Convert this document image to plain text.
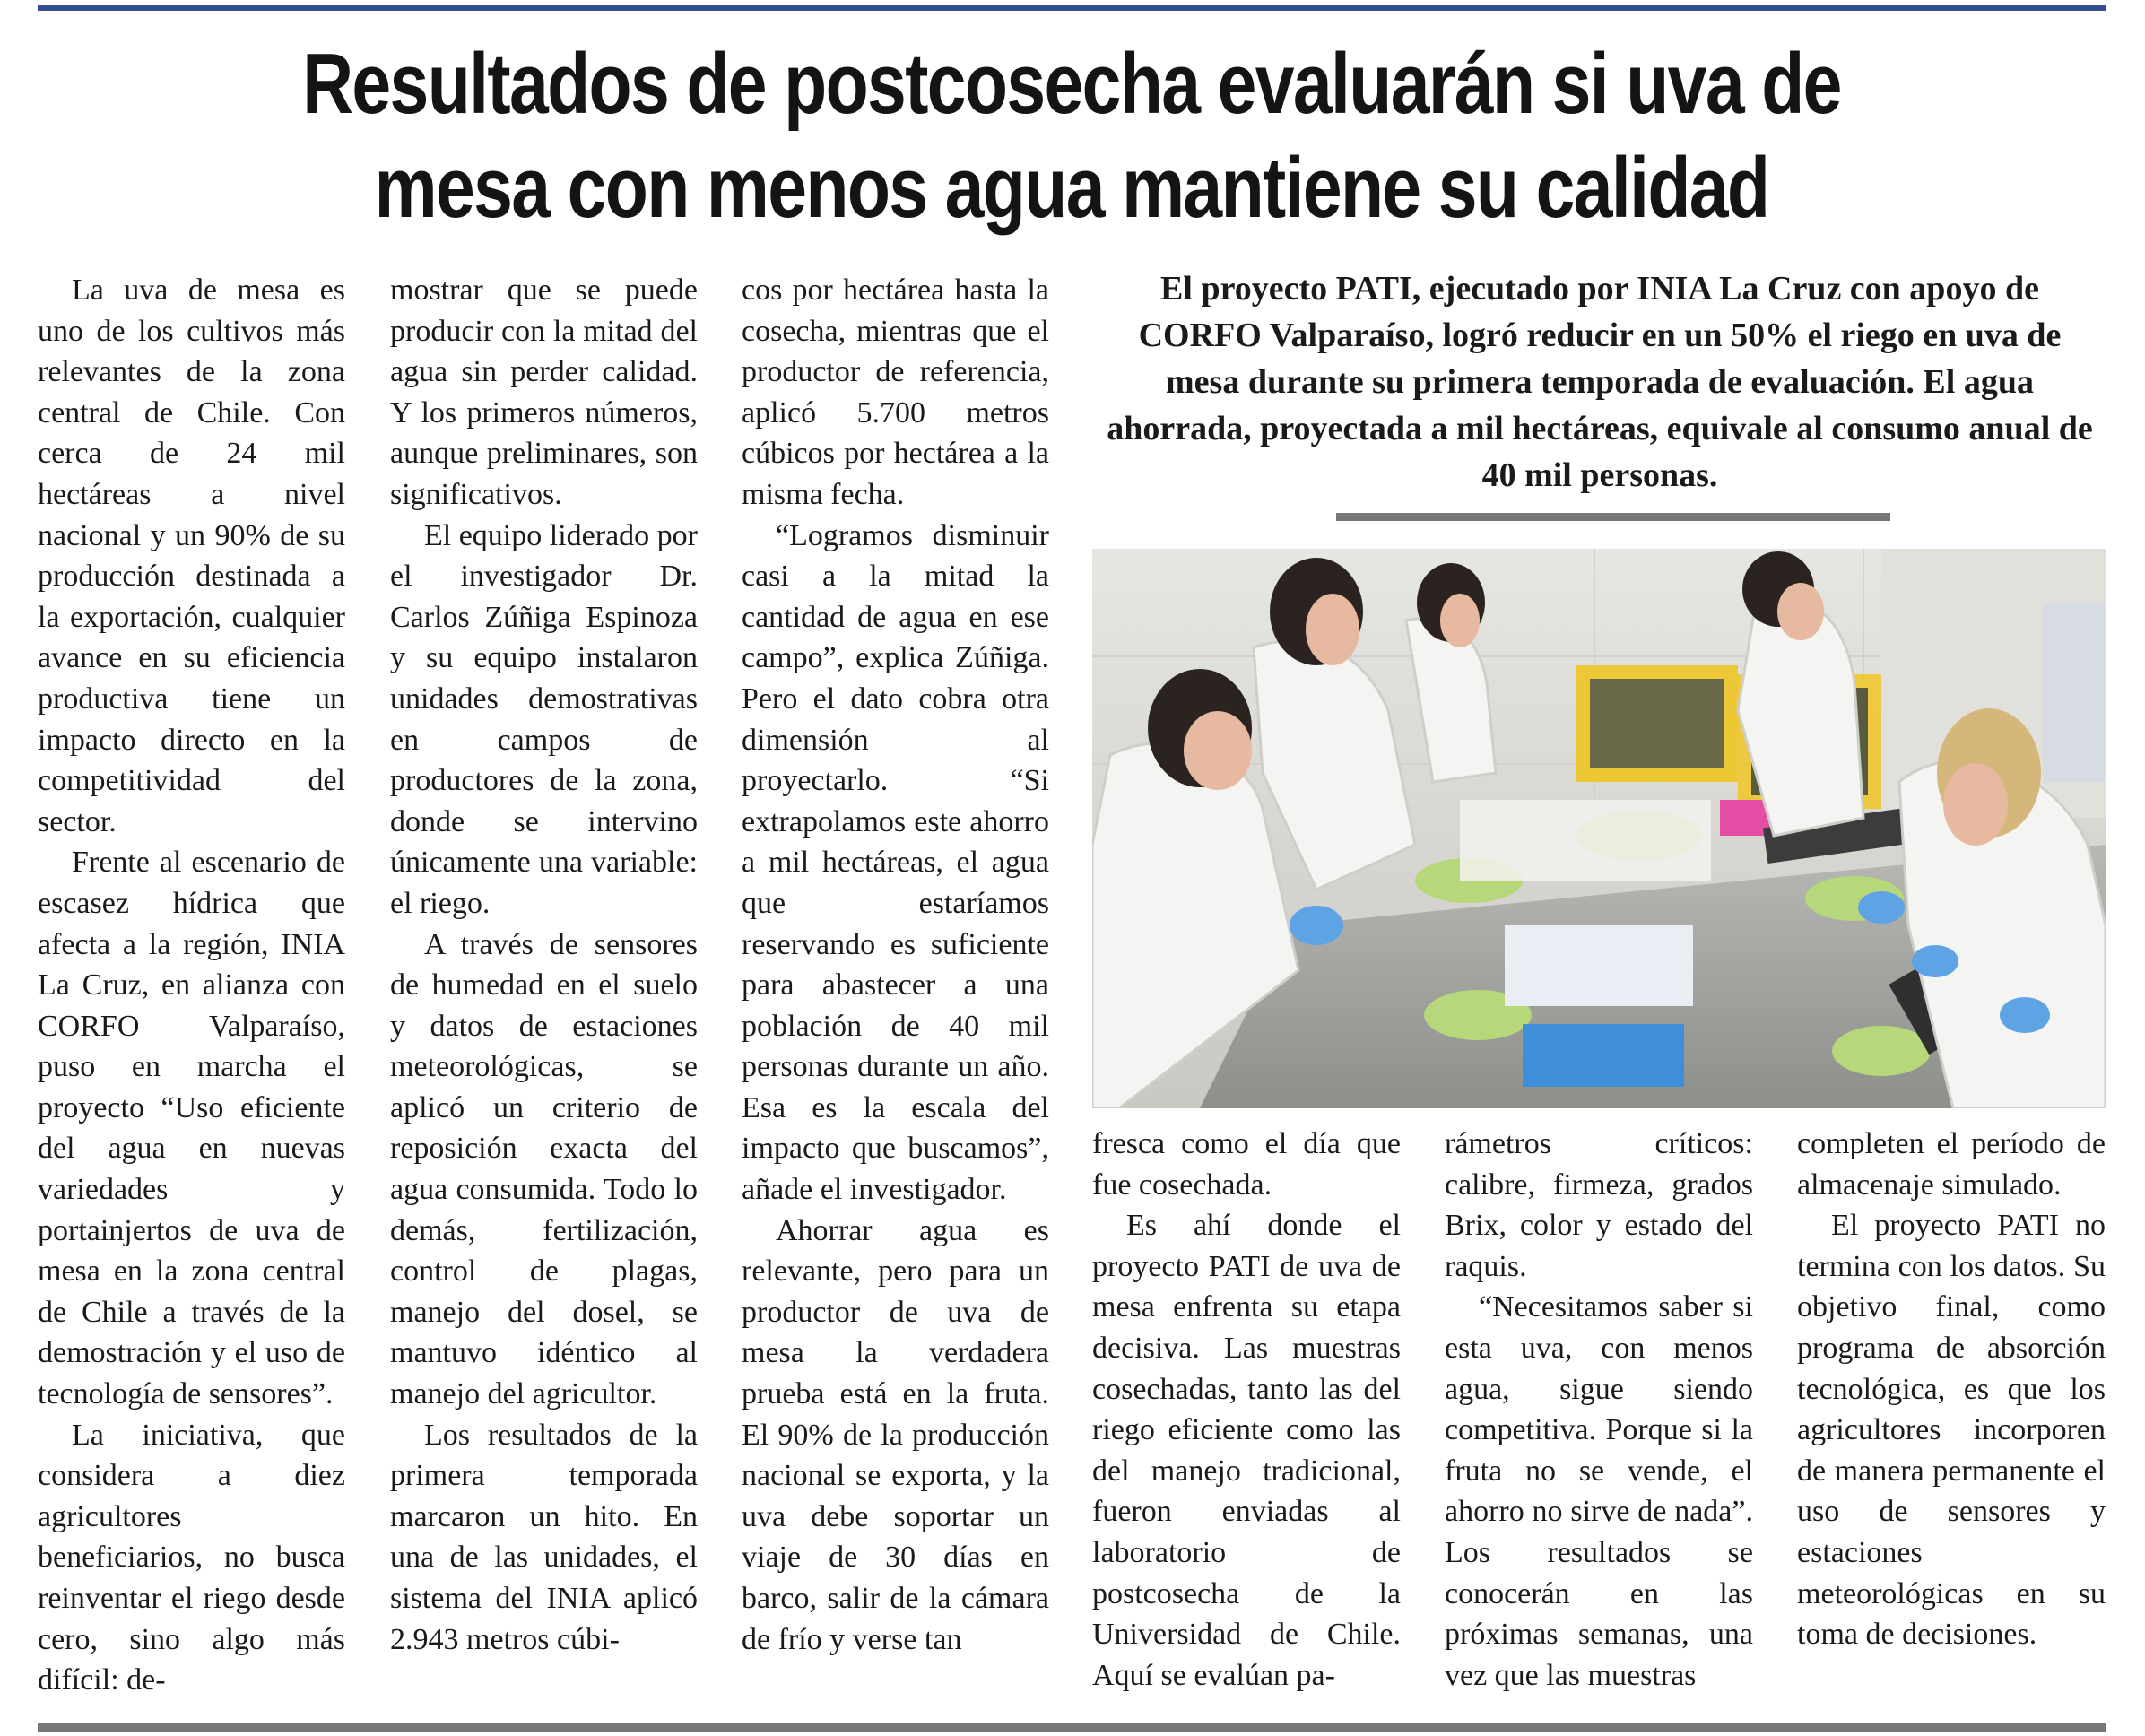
Resultados de postcosecha evaluarán si uva de
mesa con menos agua mantiene su calidad

La uva de mesa es uno de los cultivos más relevantes de la zona central de Chile. Con cerca de 24 mil hectáreas a nivel nacional y un 90% de su producción destinada a la exportación, cualquier avance en su eficiencia productiva tiene un impacto directo en la competitividad del sector.

Frente al escenario de escasez hídrica que afecta a la región, INIA La Cruz, en alianza con CORFO Valparaíso, puso en marcha el proyecto “Uso eficiente del agua en nuevas variedades y portainjertos de uva de mesa en la zona central de Chile a través de la demostración y el uso de tecnología de sensores”.

La iniciativa, que considera a diez agricultores beneficiarios, no busca reinventar el riego desde cero, sino algo más difícil: de-

mostrar que se puede producir con la mitad del agua sin perder calidad. Y los primeros números, aunque preliminares, son significativos.

El equipo liderado por el investigador Dr. Carlos Zúñiga Espinoza y su equipo instalaron unidades demostrativas en campos de productores de la zona, donde se intervino únicamente una variable: el riego.

A través de sensores de humedad en el suelo y datos de estaciones meteorológicas, se aplicó un criterio de reposición exacta del agua consumida. Todo lo demás, fertilización, control de plagas, manejo del dosel, se mantuvo idéntico al manejo del agricultor.

Los resultados de la primera temporada marcaron un hito. En una de las unidades, el sistema del INIA aplicó 2.943 metros cúbi-

cos por hectárea hasta la cosecha, mientras que el productor de referencia, aplicó 5.700 metros cúbicos por hectárea a la misma fecha.

“Logramos disminuir casi a la mitad la cantidad de agua en ese campo”, explica Zúñiga. Pero el dato cobra otra dimensión al proyectarlo. “Si extrapolamos este ahorro a mil hectáreas, el agua que estaríamos reservando es suficiente para abastecer a una población de 40 mil personas durante un año. Esa es la escala del impacto que buscamos”, añade el investigador.

Ahorrar agua es relevante, pero para un productor de uva de mesa la verdadera prueba está en la fruta. El 90% de la producción nacional se exporta, y la uva debe soportar un viaje de 30 días en barco, salir de la cámara de frío y verse tan

El proyecto PATI, ejecutado por INIA La Cruz con apoyo de CORFO Valparaíso, logró reducir en un 50% el riego en uva de mesa durante su primera temporada de evaluación. El agua ahorrada, proyectada a mil hectáreas, equivale al consumo anual de 40 mil personas.

fresca como el día que fue cosechada.

Es ahí donde el proyecto PATI de uva de mesa enfrenta su etapa decisiva. Las muestras cosechadas, tanto las del riego eficiente como las del manejo tradicional, fueron enviadas al laboratorio de postcosecha de la Universidad de Chile. Aquí se evalúan pa-

rámetros críticos: calibre, firmeza, grados Brix, color y estado del raquis.

“Necesitamos saber si esta uva, con menos agua, sigue siendo competitiva. Porque si la fruta no se vende, el ahorro no sirve de nada”. Los resultados se conocerán en las próximas semanas, una vez que las muestras

completen el período de almacenaje simulado.

El proyecto PATI no termina con los datos. Su objetivo final, como programa de absorción tecnológica, es que los agricultores incorporen de manera permanente el uso de sensores y estaciones meteorológicas en su toma de decisiones.
